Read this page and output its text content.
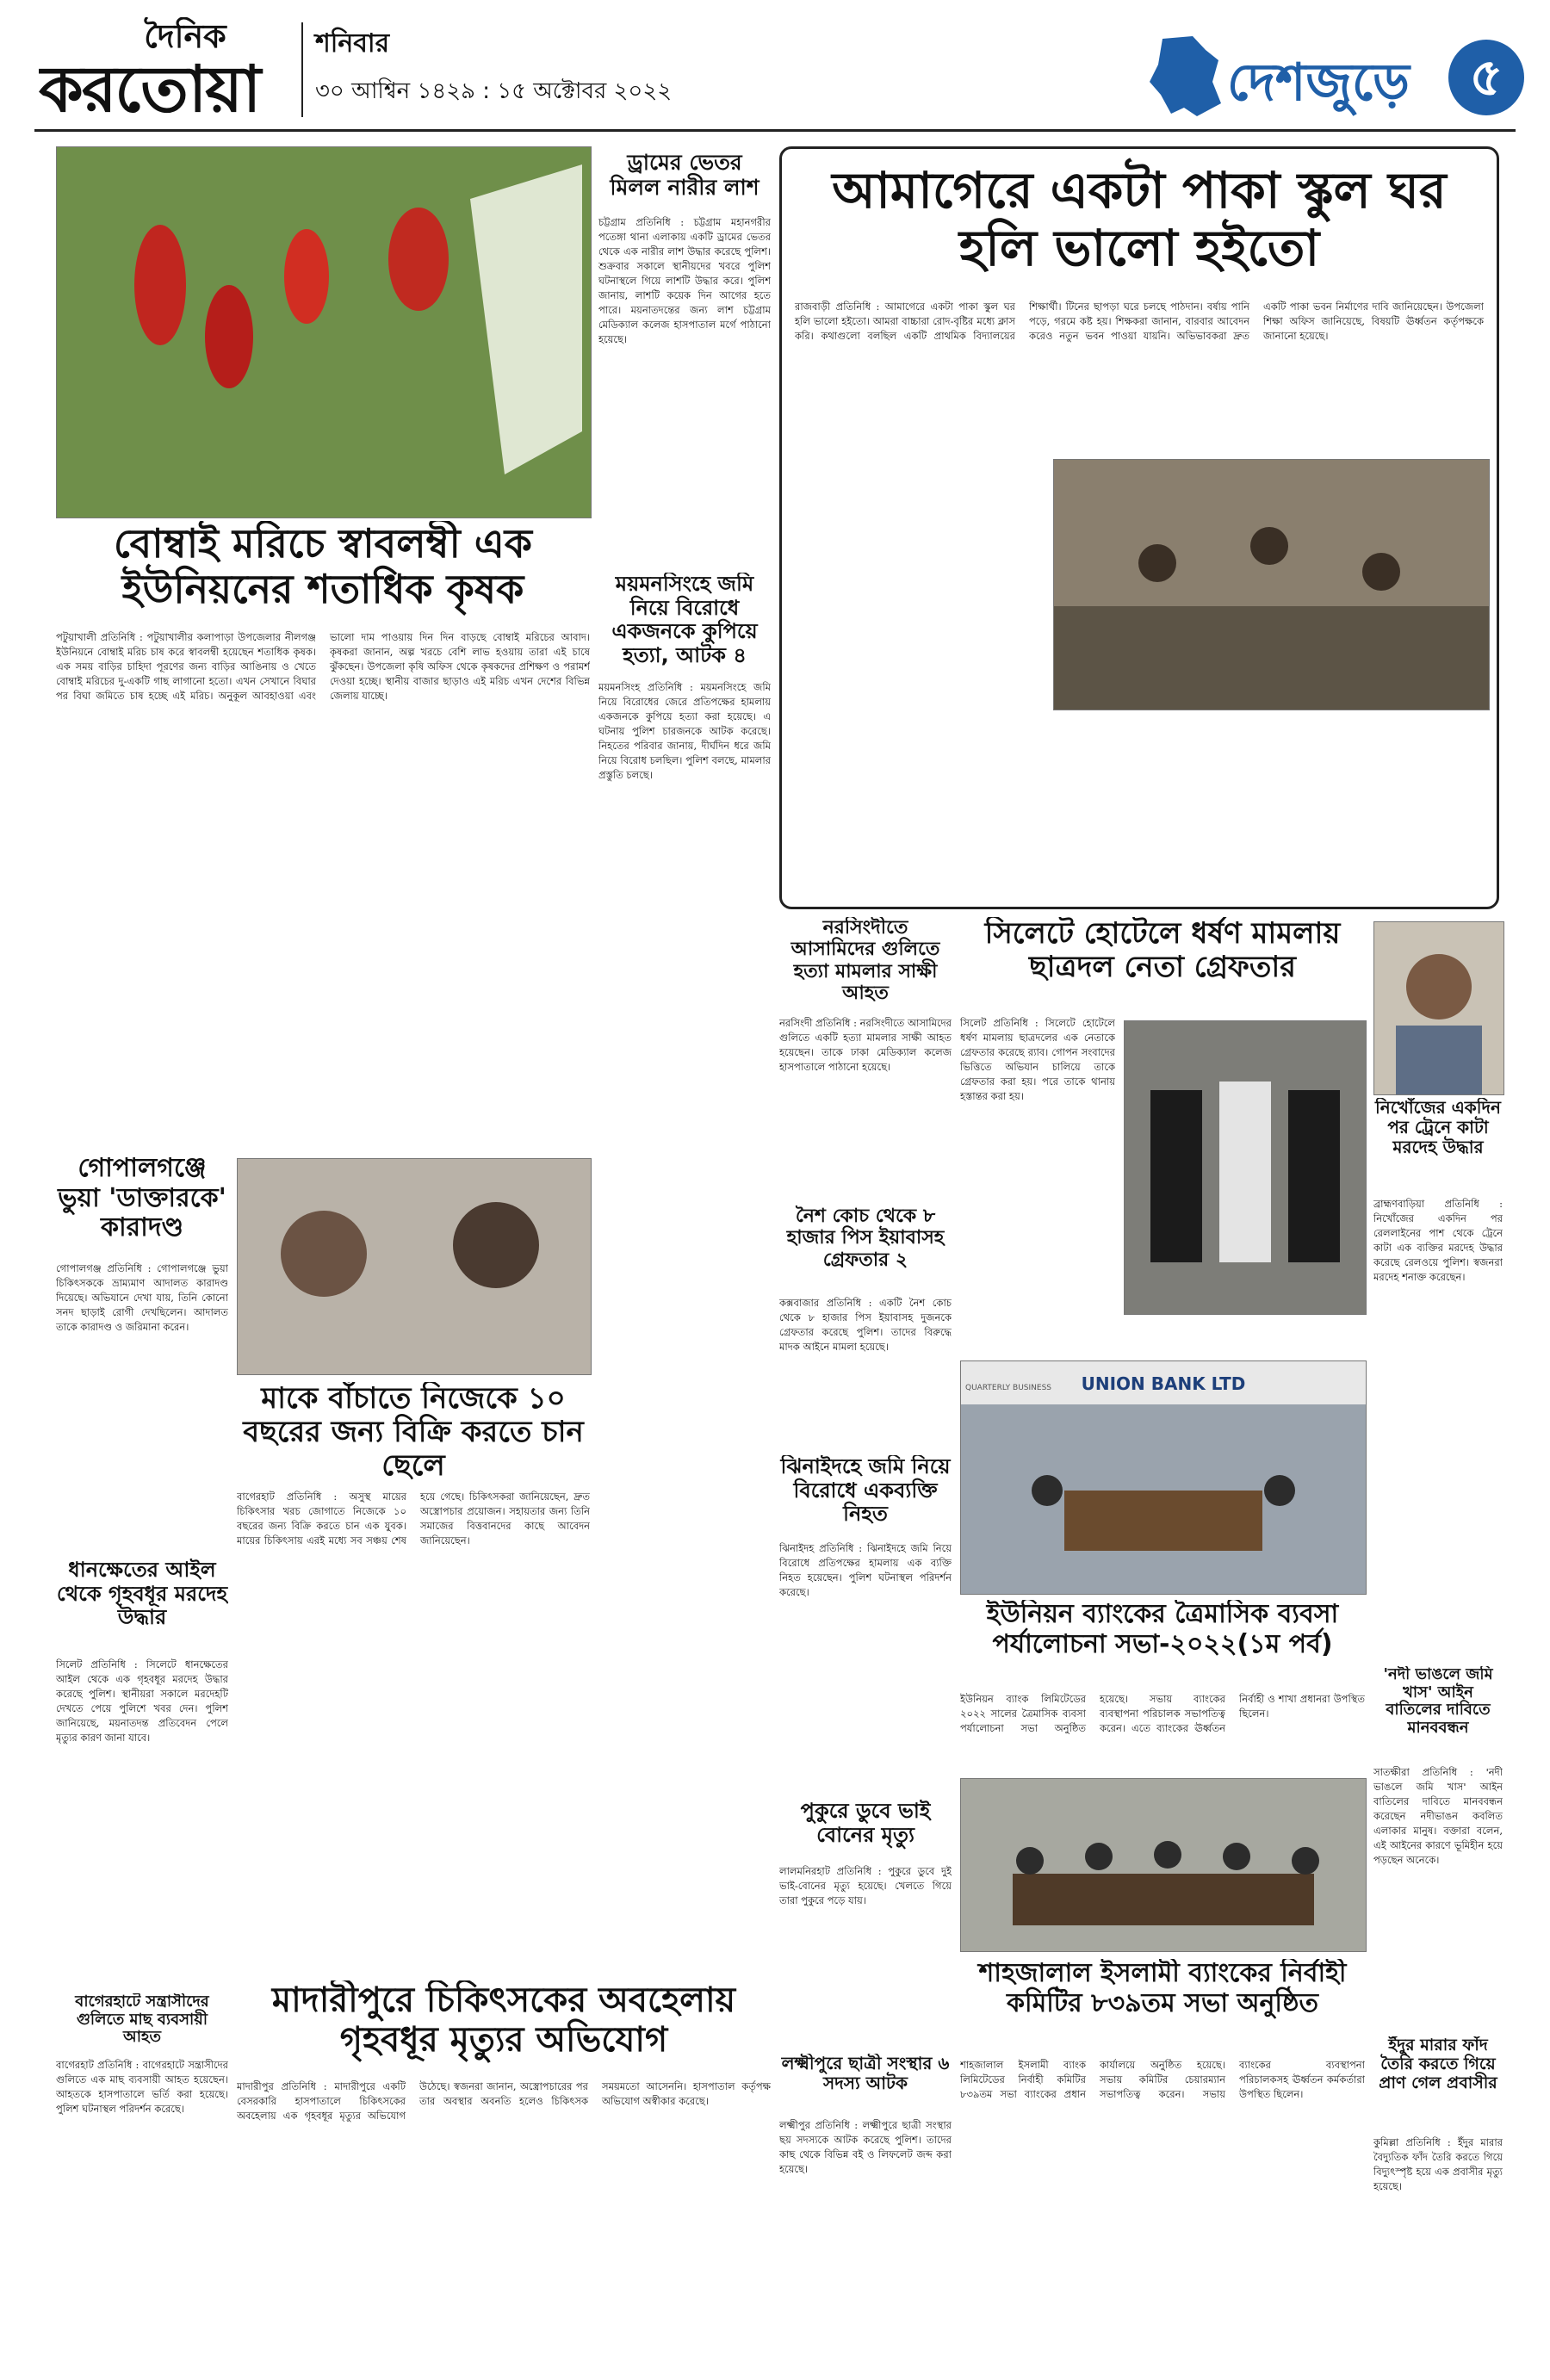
দৈনিক
করতোয়া
শনিবার
৩০ আশ্বিন ১৪২৯ : ১৫ অক্টোবর ২০২২	দেশজুড়ে	৫
বোম্বাই মরিচে স্বাবলম্বী এক ইউনিয়নের শতাধিক কৃষক
পটুয়াখালী প্রতিনিধি : পটুয়াখালীর কলাপাড়া উপজেলার নীলগঞ্জ ইউনিয়নে বোম্বাই মরিচ চাষ করে স্বাবলম্বী হয়েছেন শতাধিক কৃষক। এক সময় বাড়ির চাহিদা পূরণের জন্য বাড়ির আঙিনায় ও খেতে বোম্বাই মরিচের দু-একটি গাছ লাগানো হতো। এখন সেখানে বিঘার পর বিঘা জমিতে চাষ হচ্ছে এই মরিচ। অনুকূল আবহাওয়া এবং ভালো দাম পাওয়ায় দিন দিন বাড়ছে বোম্বাই মরিচের আবাদ। কৃষকরা জানান, অল্প খরচে বেশি লাভ হওয়ায় তারা এই চাষে ঝুঁকছেন। উপজেলা কৃষি অফিস থেকে কৃষকদের প্রশিক্ষণ ও পরামর্শ দেওয়া হচ্ছে। স্থানীয় বাজার ছাড়াও এই মরিচ এখন দেশের বিভিন্ন জেলায় যাচ্ছে।
ড্রামের ভেতর মিলল নারীর লাশ
চট্টগ্রাম প্রতিনিধি : চট্টগ্রাম মহানগরীর পতেঙ্গা থানা এলাকায় একটি ড্রামের ভেতর থেকে এক নারীর লাশ উদ্ধার করেছে পুলিশ। শুক্রবার সকালে স্থানীয়দের খবরে পুলিশ ঘটনাস্থলে গিয়ে লাশটি উদ্ধার করে। পুলিশ জানায়, লাশটি কয়েক দিন আগের হতে পারে। ময়নাতদন্তের জন্য লাশ চট্টগ্রাম মেডিক্যাল কলেজ হাসপাতাল মর্গে পাঠানো হয়েছে।
ময়মনসিংহে জমি নিয়ে বিরোধে একজনকে কুপিয়ে হত্যা, আটক ৪
ময়মনসিংহ প্রতিনিধি : ময়মনসিংহে জমি নিয়ে বিরোধের জেরে প্রতিপক্ষের হামলায় একজনকে কুপিয়ে হত্যা করা হয়েছে। এ ঘটনায় পুলিশ চারজনকে আটক করেছে। নিহতের পরিবার জানায়, দীর্ঘদিন ধরে জমি নিয়ে বিরোধ চলছিল। পুলিশ বলছে, মামলার প্রস্তুতি চলছে।
আমাগেরে একটা পাকা স্কুল ঘর হলি ভালো হইতো
রাজবাড়ী প্রতিনিধি : আমাগেরে একটা পাকা স্কুল ঘর হলি ভালো হইতো। আমরা বাচ্চারা রোদ-বৃষ্টির মধ্যে ক্লাস করি। কথাগুলো বলছিল একটি প্রাথমিক বিদ্যালয়ের শিক্ষার্থী। টিনের ছাপড়া ঘরে চলছে পাঠদান। বর্ষায় পানি পড়ে, গরমে কষ্ট হয়। শিক্ষকরা জানান, বারবার আবেদন করেও নতুন ভবন পাওয়া যায়নি। অভিভাবকরা দ্রুত একটি পাকা ভবন নির্মাণের দাবি জানিয়েছেন। উপজেলা শিক্ষা অফিস জানিয়েছে, বিষয়টি ঊর্ধ্বতন কর্তৃপক্ষকে জানানো হয়েছে।
গোপালগঞ্জে ভুয়া 'ডাক্তারকে' কারাদণ্ড
গোপালগঞ্জ প্রতিনিধি : গোপালগঞ্জে ভুয়া চিকিৎসককে ভ্রাম্যমাণ আদালত কারাদণ্ড দিয়েছে। অভিযানে দেখা যায়, তিনি কোনো সনদ ছাড়াই রোগী দেখছিলেন। আদালত তাকে কারাদণ্ড ও জরিমানা করেন।
মাকে বাঁচাতে নিজেকে ১০ বছরের জন্য বিক্রি করতে চান ছেলে
বাগেরহাট প্রতিনিধি : অসুস্থ মায়ের চিকিৎসার খরচ জোগাতে নিজেকে ১০ বছরের জন্য বিক্রি করতে চান এক যুবক। মায়ের চিকিৎসায় এরই মধ্যে সব সঞ্চয় শেষ হয়ে গেছে। চিকিৎসকরা জানিয়েছেন, দ্রুত অস্ত্রোপচার প্রয়োজন। সহায়তার জন্য তিনি সমাজের বিত্তবানদের কাছে আবেদন জানিয়েছেন।
ধানক্ষেতের আইল থেকে গৃহবধূর মরদেহ উদ্ধার
সিলেট প্রতিনিধি : সিলেটে ধানক্ষেতের আইল থেকে এক গৃহবধূর মরদেহ উদ্ধার করেছে পুলিশ। স্থানীয়রা সকালে মরদেহটি দেখতে পেয়ে পুলিশে খবর দেন। পুলিশ জানিয়েছে, ময়নাতদন্ত প্রতিবেদন পেলে মৃত্যুর কারণ জানা যাবে।
বাগেরহাটে সন্ত্রাসীদের গুলিতে মাছ ব্যবসায়ী আহত
বাগেরহাট প্রতিনিধি : বাগেরহাটে সন্ত্রাসীদের গুলিতে এক মাছ ব্যবসায়ী আহত হয়েছেন। আহতকে হাসপাতালে ভর্তি করা হয়েছে। পুলিশ ঘটনাস্থল পরিদর্শন করেছে।
মাদারীপুরে চিকিৎসকের অবহেলায় গৃহবধূর মৃত্যুর অভিযোগ
মাদারীপুর প্রতিনিধি : মাদারীপুরে একটি বেসরকারি হাসপাতালে চিকিৎসকের অবহেলায় এক গৃহবধূর মৃত্যুর অভিযোগ উঠেছে। স্বজনরা জানান, অস্ত্রোপচারের পর তার অবস্থার অবনতি হলেও চিকিৎসক সময়মতো আসেননি। হাসপাতাল কর্তৃপক্ষ অভিযোগ অস্বীকার করেছে।
নরসিংদীতে আসামিদের গুলিতে হত্যা মামলার সাক্ষী আহত
নরসিংদী প্রতিনিধি : নরসিংদীতে আসামিদের গুলিতে একটি হত্যা মামলার সাক্ষী আহত হয়েছেন। তাকে ঢাকা মেডিক্যাল কলেজ হাসপাতালে পাঠানো হয়েছে।
নৈশ কোচ থেকে ৮ হাজার পিস ইয়াবাসহ গ্রেফতার ২
কক্সবাজার প্রতিনিধি : একটি নৈশ কোচ থেকে ৮ হাজার পিস ইয়াবাসহ দুজনকে গ্রেফতার করেছে পুলিশ। তাদের বিরুদ্ধে মাদক আইনে মামলা হয়েছে।
ঝিনাইদহে জমি নিয়ে বিরোধে একব্যক্তি নিহত
ঝিনাইদহ প্রতিনিধি : ঝিনাইদহে জমি নিয়ে বিরোধে প্রতিপক্ষের হামলায় এক ব্যক্তি নিহত হয়েছেন। পুলিশ ঘটনাস্থল পরিদর্শন করেছে।
পুকুরে ডুবে ভাই বোনের মৃত্যু
লালমনিরহাট প্রতিনিধি : পুকুরে ডুবে দুই ভাই-বোনের মৃত্যু হয়েছে। খেলতে গিয়ে তারা পুকুরে পড়ে যায়।
লক্ষ্মীপুরে ছাত্রী সংস্থার ৬ সদস্য আটক
লক্ষ্মীপুর প্রতিনিধি : লক্ষ্মীপুরে ছাত্রী সংস্থার ছয় সদস্যকে আটক করেছে পুলিশ। তাদের কাছ থেকে বিভিন্ন বই ও লিফলেট জব্দ করা হয়েছে।
সিলেটে হোটেলে ধর্ষণ মামলায় ছাত্রদল নেতা গ্রেফতার
সিলেট প্রতিনিধি : সিলেটে হোটেলে ধর্ষণ মামলায় ছাত্রদলের এক নেতাকে গ্রেফতার করেছে র‍্যাব। গোপন সংবাদের ভিত্তিতে অভিযান চালিয়ে তাকে গ্রেফতার করা হয়। পরে তাকে থানায় হস্তান্তর করা হয়।
নিখোঁজের একদিন পর ট্রেনে কাটা মরদেহ উদ্ধার
ব্রাহ্মণবাড়িয়া প্রতিনিধি : নিখোঁজের একদিন পর রেললাইনের পাশ থেকে ট্রেনে কাটা এক ব্যক্তির মরদেহ উদ্ধার করেছে রেলওয়ে পুলিশ। স্বজনরা মরদেহ শনাক্ত করেছেন।
'নদী ভাঙলে জমি খাস' আইন বাতিলের দাবিতে মানববন্ধন
সাতক্ষীরা প্রতিনিধি : 'নদী ভাঙলে জমি খাস' আইন বাতিলের দাবিতে মানববন্ধন করেছেন নদীভাঙন কবলিত এলাকার মানুষ। বক্তারা বলেন, এই আইনের কারণে ভূমিহীন হয়ে পড়ছেন অনেকে।
ইঁদুর মারার ফাঁদ তৈরি করতে গিয়ে প্রাণ গেল প্রবাসীর
কুমিল্লা প্রতিনিধি : ইঁদুর মারার বৈদ্যুতিক ফাঁদ তৈরি করতে গিয়ে বিদ্যুৎস্পৃষ্ট হয়ে এক প্রবাসীর মৃত্যু হয়েছে।
UNION BANK LTD
QUARTERLY BUSINESS
ইউনিয়ন ব্যাংকের ত্রৈমাসিক ব্যবসা পর্যালোচনা সভা-২০২২(১ম পর্ব)
ইউনিয়ন ব্যাংক লিমিটেডের ২০২২ সালের ত্রৈমাসিক ব্যবসা পর্যালোচনা সভা অনুষ্ঠিত হয়েছে। সভায় ব্যাংকের ব্যবস্থাপনা পরিচালক সভাপতিত্ব করেন। এতে ব্যাংকের ঊর্ধ্বতন নির্বাহী ও শাখা প্রধানরা উপস্থিত ছিলেন।
শাহজালাল ইসলামী ব্যাংকের নির্বাহী কমিটির ৮৩৯তম সভা অনুষ্ঠিত
শাহজালাল ইসলামী ব্যাংক লিমিটেডের নির্বাহী কমিটির ৮৩৯তম সভা ব্যাংকের প্রধান কার্যালয়ে অনুষ্ঠিত হয়েছে। সভায় কমিটির চেয়ারম্যান সভাপতিত্ব করেন। সভায় ব্যাংকের ব্যবস্থাপনা পরিচালকসহ ঊর্ধ্বতন কর্মকর্তারা উপস্থিত ছিলেন।
